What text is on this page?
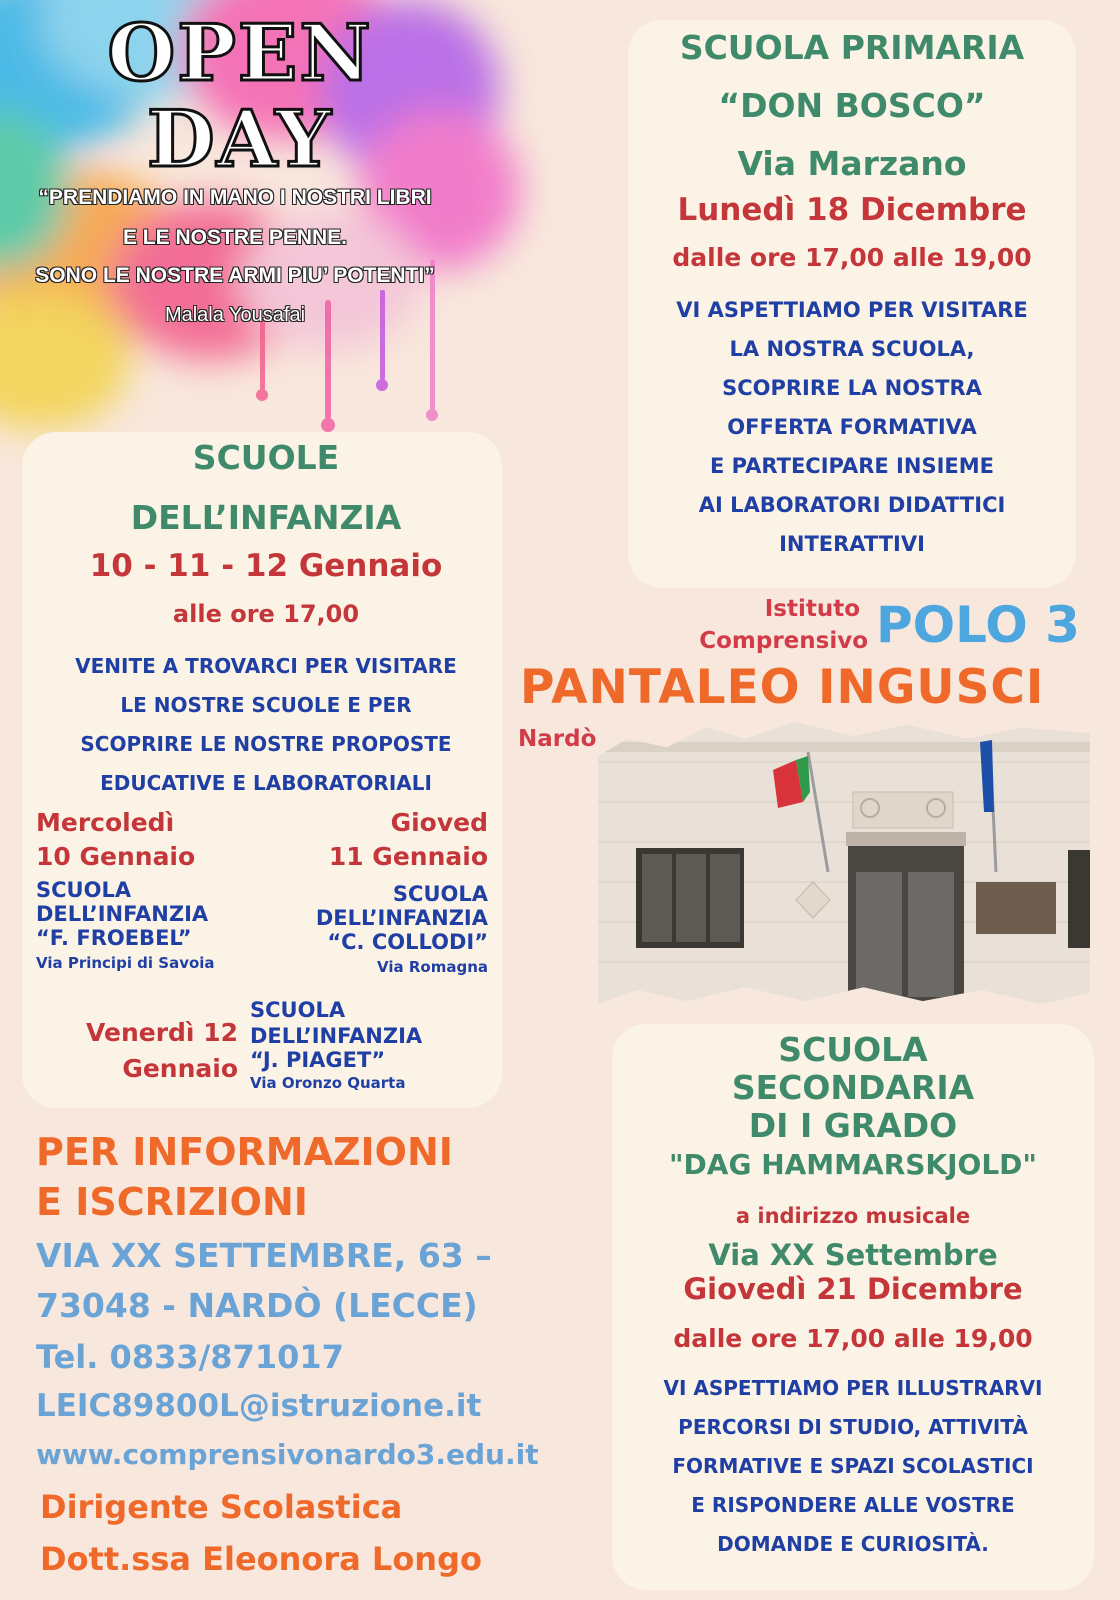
OPEN
DAY
“PRENDIAMO IN MANO I NOSTRI LIBRI
E LE NOSTRE PENNE.
SONO LE NOSTRE ARMI PIU’ POTENTI”
Malala Yousafai
SCUOLA PRIMARIA
“DON BOSCO”
Via Marzano
Lunedì 18 Dicembre
dalle ore 17,00 alle 19,00
VI ASPETTIAMO PER VISITARE
LA NOSTRA SCUOLA,
SCOPRIRE LA NOSTRA
OFFERTA FORMATIVA
E PARTECIPARE INSIEME
AI LABORATORI DIDATTICI
INTERATTIVI
SCUOLE
DELL’INFANZIA
10 - 11 - 12 Gennaio
alle ore 17,00
VENITE A TROVARCI PER VISITARE
LE NOSTRE SCUOLE E PER
SCOPRIRE LE NOSTRE PROPOSTE
EDUCATIVE E LABORATORIALI
Mercoledì
10 Gennaio
SCUOLA
DELL’INFANZIA
“F. FROEBEL”
Via Principi di Savoia
Gioved
11 Gennaio
SCUOLA
DELL’INFANZIA
“C. COLLODI”
Via Romagna
Venerdì 12
Gennaio
SCUOLA
DELL’INFANZIA
“J. PIAGET”
Via Oronzo Quarta
Istituto
Comprensivo POLO 3
PANTALEO INGUSCI
Nardò
SCUOLA
SECONDARIA
DI I GRADO
"DAG HAMMARSKJOLD"
a indirizzo musicale
Via XX Settembre
Giovedì 21 Dicembre
dalle ore 17,00 alle 19,00
VI ASPETTIAMO PER ILLUSTRARVI
PERCORSI DI STUDIO, ATTIVITÀ
FORMATIVE E SPAZI SCOLASTICI
E RISPONDERE ALLE VOSTRE
DOMANDE E CURIOSITÀ.
PER INFORMAZIONI
E ISCRIZIONI
VIA XX SETTEMBRE, 63 –
73048 - NARDÒ (LECCE)
Tel. 0833/871017
LEIC89800L@istruzione.it
www.comprensivonardo3.edu.it
Dirigente Scolastica
Dott.ssa Eleonora Longo
